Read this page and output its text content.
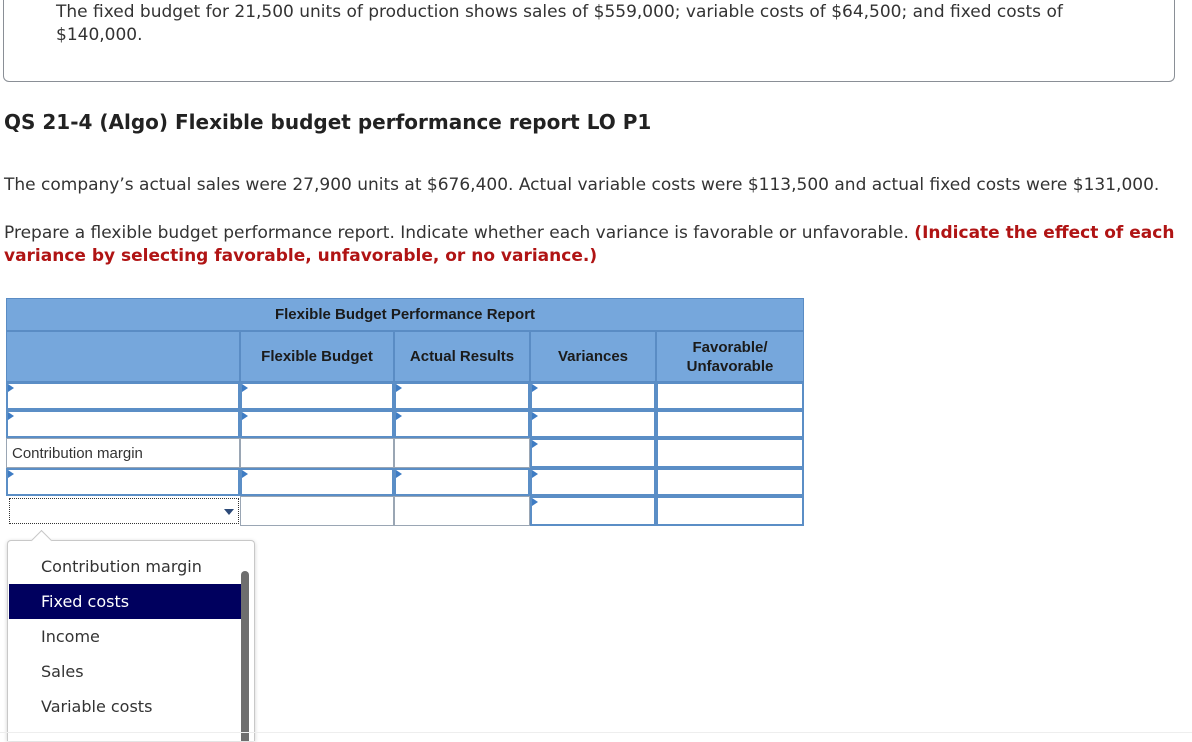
The fixed budget for 21,500 units of production shows sales of $559,000; variable costs of $64,500; and fixed costs of $140,000.
QS 21-4 (Algo) Flexible budget performance report LO P1
The company’s actual sales were 27,900 units at $676,400. Actual variable costs were $113,500 and actual fixed costs were $131,000.
Prepare a flexible budget performance report. Indicate whether each variance is favorable or unfavorable. (Indicate the effect of each variance by selecting favorable, unfavorable, or no variance.)
Flexible Budget Performance Report
Flexible Budget	Actual Results	Variances
Favorable/
Unfavorable
Contribution margin
Contribution margin
Fixed costs
Income
Sales
Variable costs
